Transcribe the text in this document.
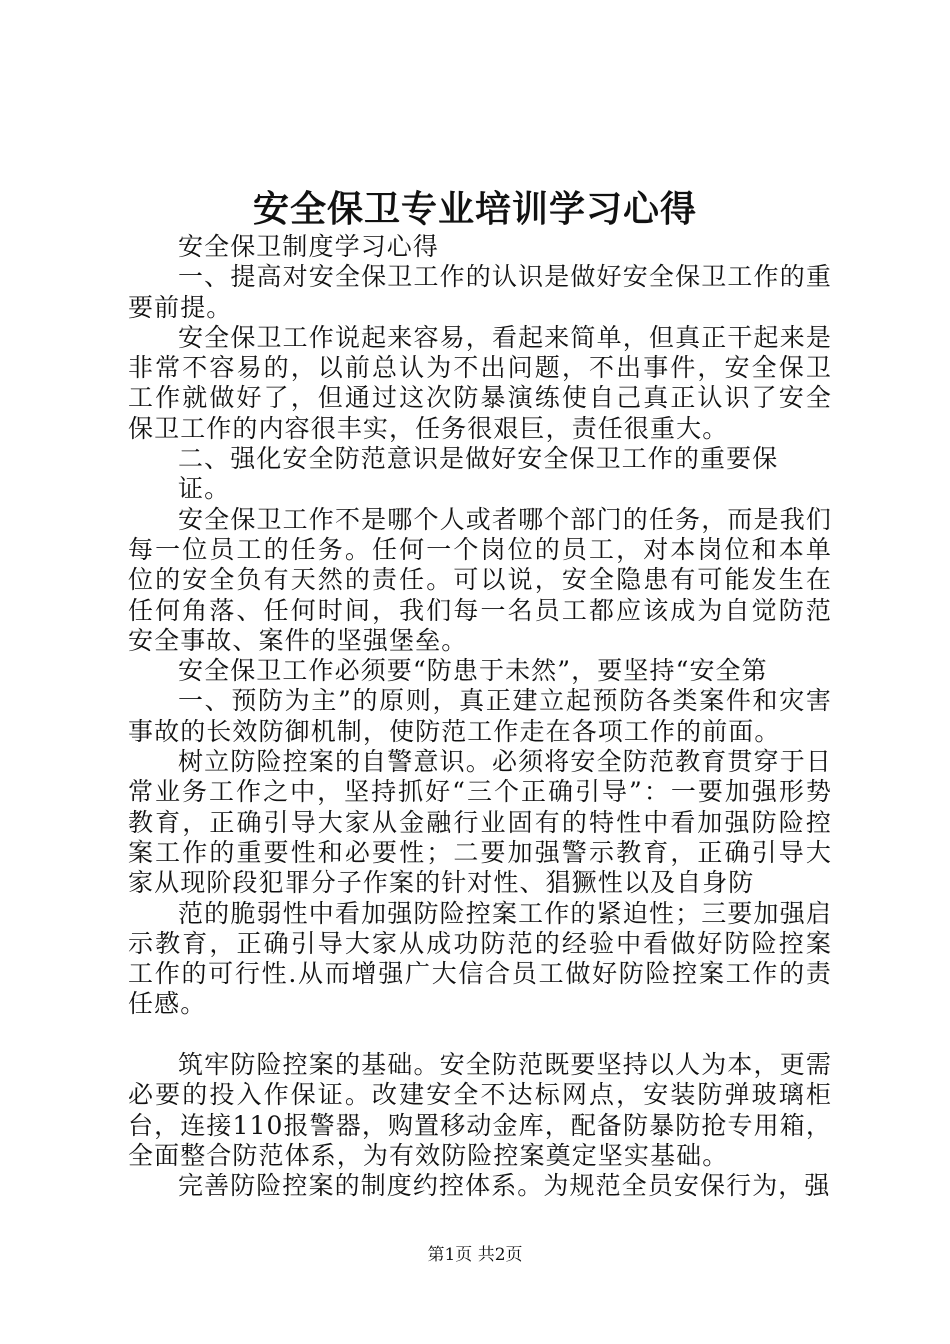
安全保卫专业培训学习心得

安全保卫制度学习心得

一、提高对安全保卫工作的认识是做好安全保卫工作的重要前提。

安全保卫工作说起来容易，看起来简单，但真正干起来是非常不容易的，以前总认为不出问题，不出事件，安全保卫工作就做好了，但通过这次防暴演练使自己真正认识了安全保卫工作的内容很丰实，任务很艰巨，责任很重大。

二、强化安全防范意识是做好安全保卫工作的重要保

证。

安全保卫工作不是哪个人或者哪个部门的任务，而是我们每一位员工的任务。任何一个岗位的员工，对本岗位和本单位的安全负有天然的责任。可以说，安全隐患有可能发生在任何角落、任何时间，我们每一名员工都应该成为自觉防范安全事故、案件的坚强堡垒。

安全保卫工作必须要“防患于未然”，要坚持“安全第

一、预防为主”的原则，真正建立起预防各类案件和灾害事故的长效防御机制，使防范工作走在各项工作的前面。

树立防险控案的自警意识。必须将安全防范教育贯穿于日常业务工作之中，坚持抓好“三个正确引导”：一要加强形势教育，正确引导大家从金融行业固有的特性中看加强防险控案工作的重要性和必要性；二要加强警示教育，正确引导大家从现阶段犯罪分子作案的针对性、猖獗性以及自身防

范的脆弱性中看加强防险控案工作的紧迫性；三要加强启示教育，正确引导大家从成功防范的经验中看做好防险控案工作的可行性.从而增强广大信合员工做好防险控案工作的责任感。

筑牢防险控案的基础。安全防范既要坚持以人为本，更需必要的投入作保证。改建安全不达标网点，安装防弹玻璃柜台，连接110报警器，购置移动金库，配备防暴防抢专用箱，全面整合防范体系，为有效防险控案奠定坚实基础。

完善防险控案的制度约控体系。为规范全员安保行为，强

第1页 共2页
